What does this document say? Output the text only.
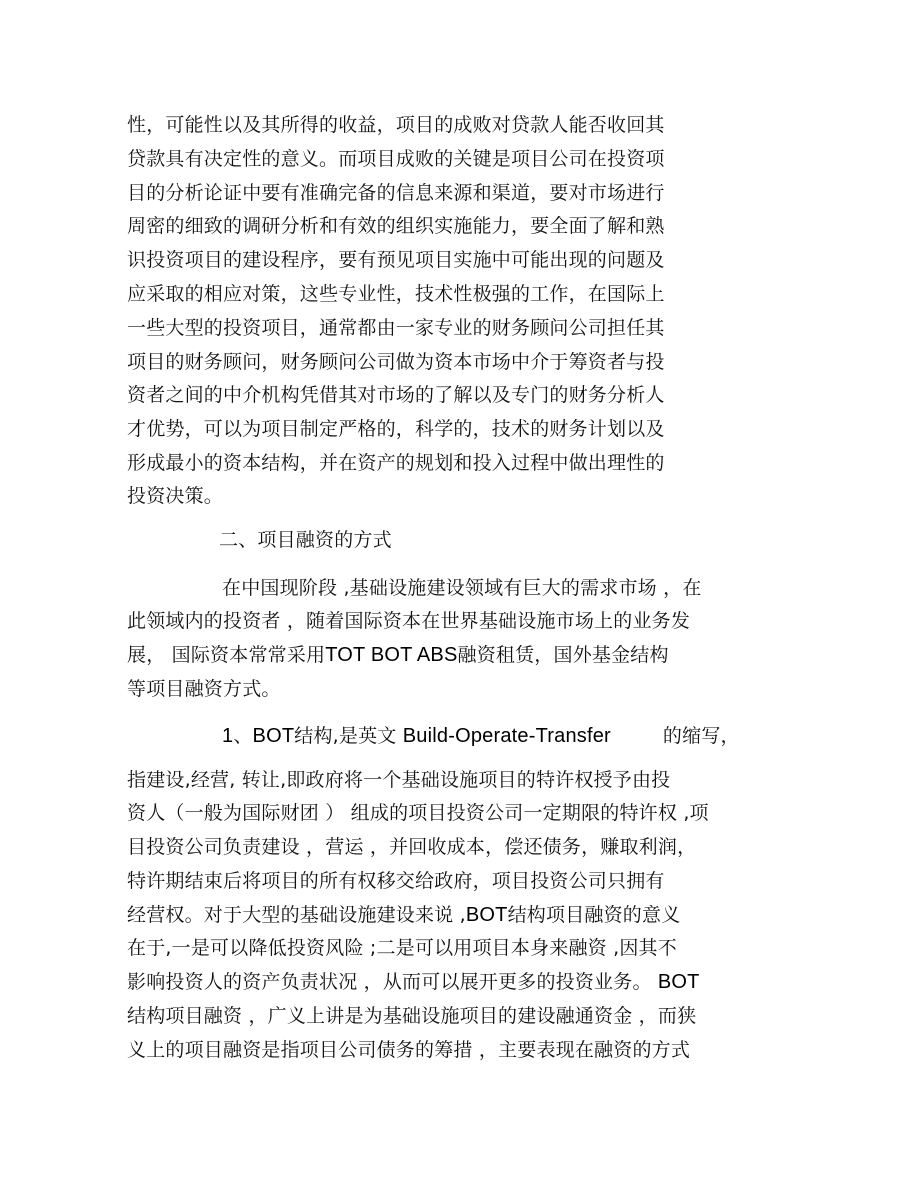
性，可能性以及其所得的收益，项目的成败对贷款人能否收回其
贷款具有决定性的意义。而项目成败的关键是项目公司在投资项
目的分析论证中要有准确完备的信息来源和渠道，要对市场进行
周密的细致的调研分析和有效的组织实施能力，要全面了解和熟
识投资项目的建设程序，要有预见项目实施中可能出现的问题及
应采取的相应对策，这些专业性，技术性极强的工作，在国际上
一些大型的投资项目，通常都由一家专业的财务顾问公司担任其
项目的财务顾问，财务顾问公司做为资本市场中介于筹资者与投
资者之间的中介机构凭借其对市场的了解以及专门的财务分析人
才优势，可以为项目制定严格的，科学的，技术的财务计划以及
形成最小的资本结构，并在资产的规划和投入过程中做出理性的
投资决策。
二、项目融资的方式
在中国现阶段 ,基础设施建设领域有巨大的需求市场 ，在
此领域内的投资者 ，随着国际资本在世界基础设施市场上的业务发
展， 国际资本常常采用TOT BOT ABS融资租赁，国外基金结构
等项目融资方式。
1、BOT结构,是英文 Build-Operate-Transfer	的缩写，
指建设,经营, 转让,即政府将一个基础设施项目的特许权授予由投
资人（一般为国际财团 ） 组成的项目投资公司一定期限的特许权 ,项
目投资公司负责建设 ，营运 ，并回收成本，偿还债务，赚取利润，
特许期结束后将项目的所有权移交给政府，项目投资公司只拥有
经营权。对于大型的基础设施建设来说 ,BOT结构项目融资的意义
在于,一是可以降低投资风险 ;二是可以用项目本身来融资 ,因其不
影响投资人的资产负责状况 ，从而可以展开更多的投资业务。 BOT
结构项目融资 ，广义上讲是为基础设施项目的建设融通资金 ，而狭
义上的项目融资是指项目公司债务的筹措 ，主要表现在融资的方式
